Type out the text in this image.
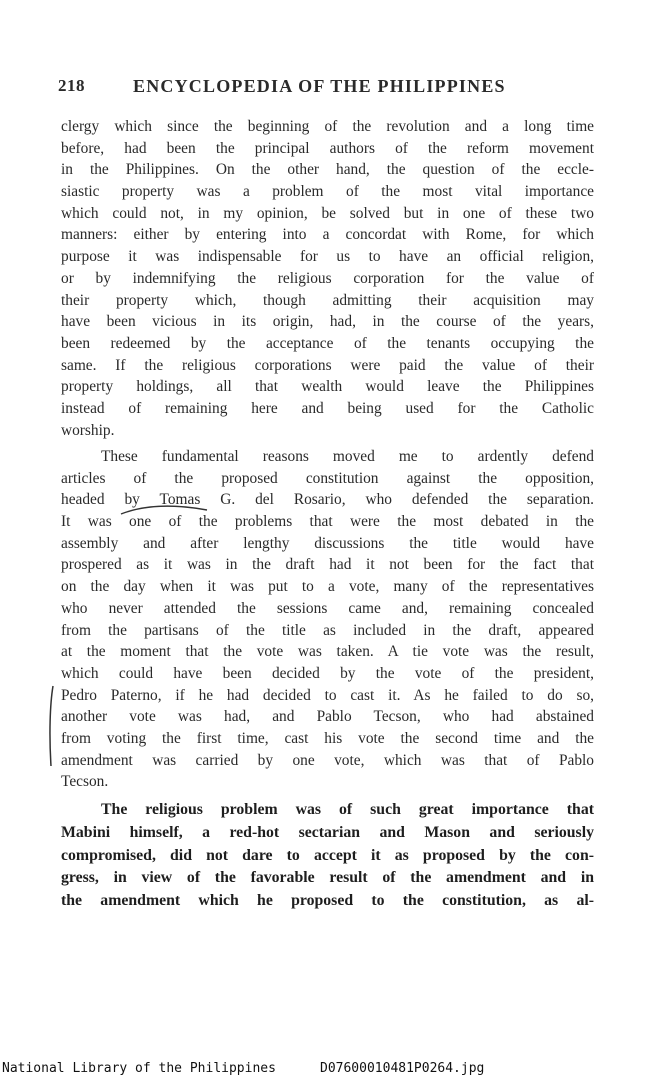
218	ENCYCLOPEDIA OF THE PHILIPPINES
clergy which since the beginning of the revolution and a long time
before, had been the principal authors of the reform movement
in the Philippines. On the other hand, the question of the eccle-
siastic property was a problem of the most vital importance
which could not, in my opinion, be solved but in one of these two
manners: either by entering into a concordat with Rome, for which
purpose it was indispensable for us to have an official religion,
or by indemnifying the religious corporation for the value of
their property which, though admitting their acquisition may
have been vicious in its origin, had, in the course of the years,
been redeemed by the acceptance of the tenants occupying the
same. If the religious corporations were paid the value of their
property holdings, all that wealth would leave the Philippines
instead of remaining here and being used for the Catholic
worship.
These fundamental reasons moved me to ardently defend
articles of the proposed constitution against the opposition,
headed by Tomas G. del Rosario, who defended the separation.
It was one of the problems that were the most debated in the
assembly and after lengthy discussions the title would have
prospered as it was in the draft had it not been for the fact that
on the day when it was put to a vote, many of the representatives
who never attended the sessions came and, remaining concealed
from the partisans of the title as included in the draft, appeared
at the moment that the vote was taken. A tie vote was the result,
which could have been decided by the vote of the president,
Pedro Paterno, if he had decided to cast it. As he failed to do so,
another vote was had, and Pablo Tecson, who had abstained
from voting the first time, cast his vote the second time and the
amendment was carried by one vote, which was that of Pablo
Tecson.
The religious problem was of such great importance that
Mabini himself, a red-hot sectarian and Mason and seriously
compromised, did not dare to accept it as proposed by the con-
gress, in view of the favorable result of the amendment and in
the amendment which he proposed to the constitution, as al-
National Library of the Philippines	D07600010481P0264.jpg
